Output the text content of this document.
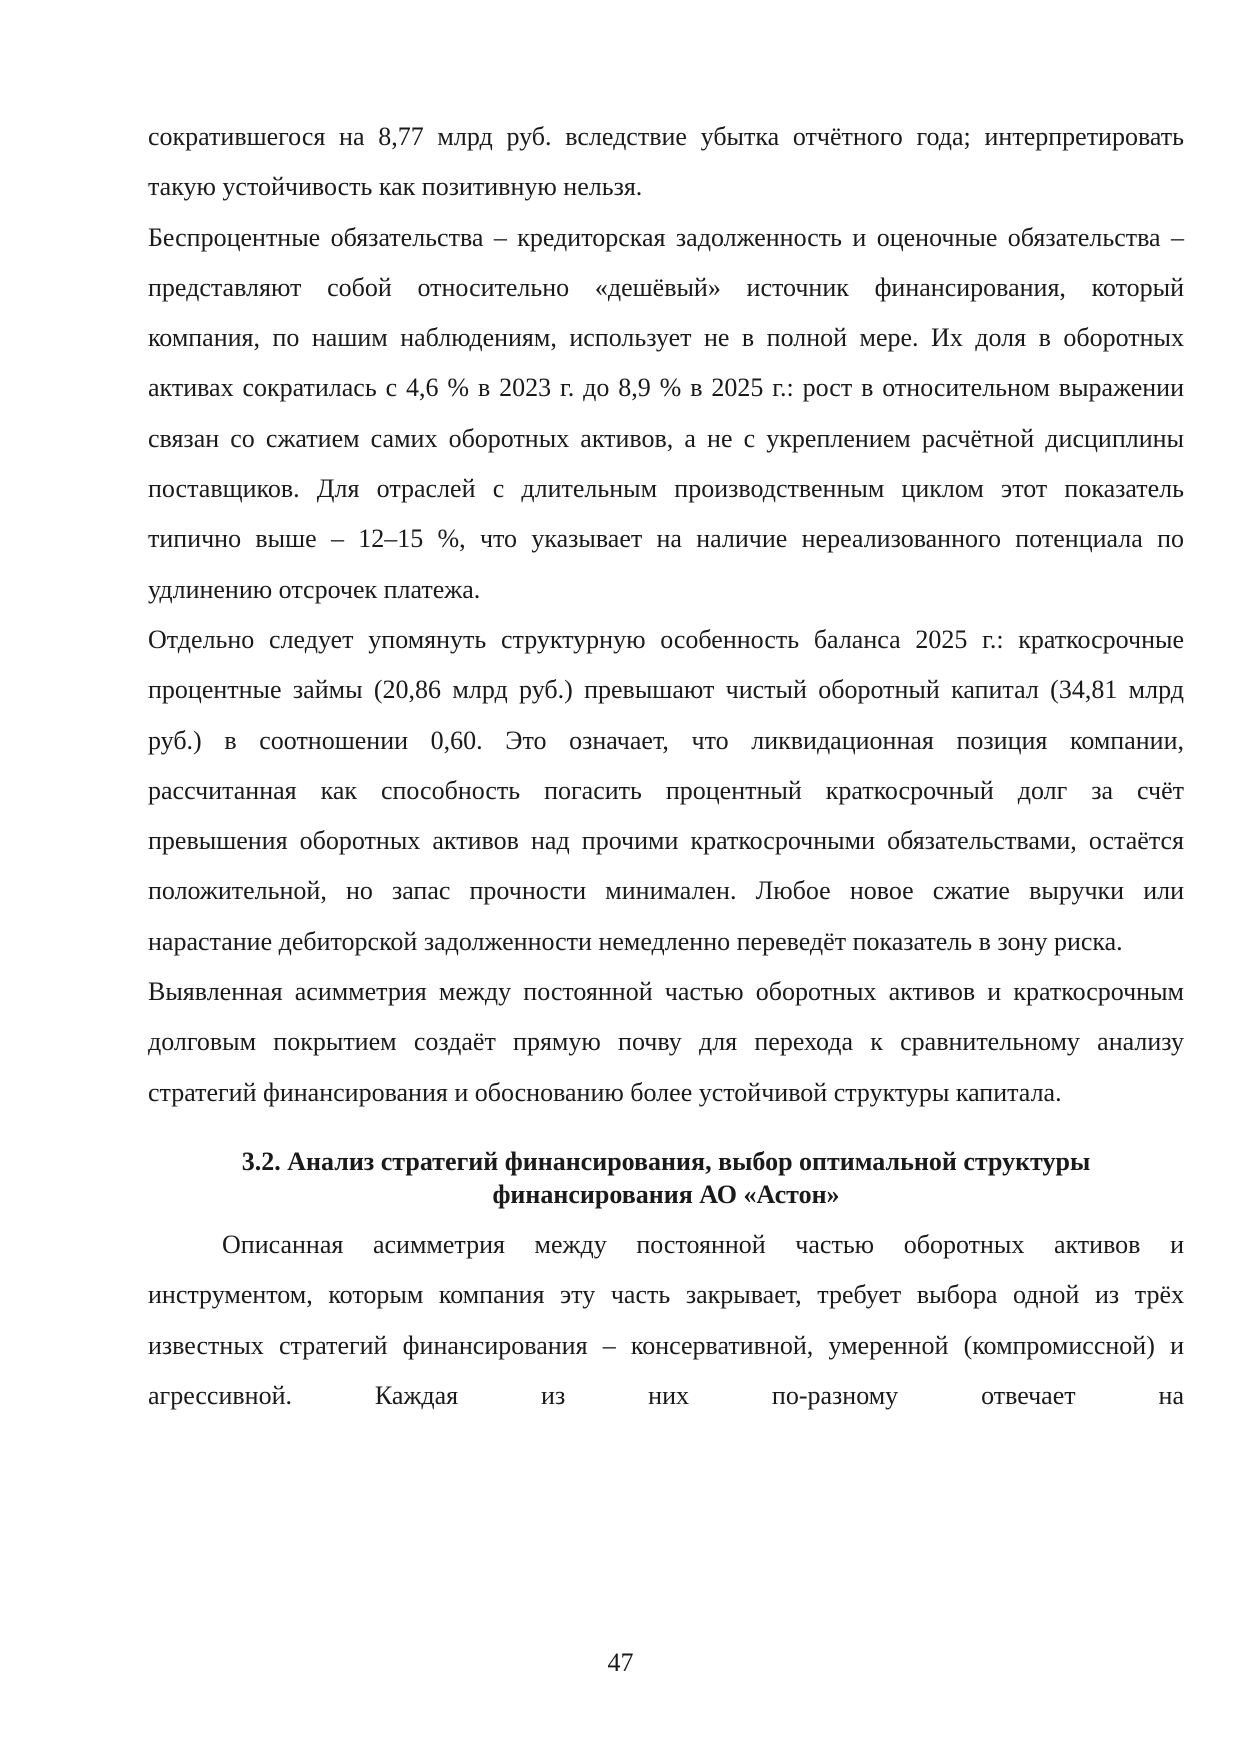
сократившегося на 8,77 млрд руб. вследствие убытка отчётного года; интерпретировать такую устойчивость как позитивную нельзя.

Беспроцентные обязательства – кредиторская задолженность и оценочные обязательства – представляют собой относительно «дешёвый» источник финансирования, который компания, по нашим наблюдениям, использует не в полной мере. Их доля в оборотных активах сократилась с 4,6 % в 2023 г. до 8,9 % в 2025 г.: рост в относительном выражении связан со сжатием самих оборотных активов, а не с укреплением расчётной дисциплины поставщиков. Для отраслей с длительным производственным циклом этот показатель типично выше – 12–15 %, что указывает на наличие нереализованного потенциала по удлинению отсрочек платежа.

Отдельно следует упомянуть структурную особенность баланса 2025 г.: краткосрочные процентные займы (20,86 млрд руб.) превышают чистый оборотный капитал (34,81 млрд руб.) в соотношении 0,60. Это означает, что ликвидационная позиция компании, рассчитанная как способность погасить процентный краткосрочный долг за счёт превышения оборотных активов над прочими краткосрочными обязательствами, остаётся положительной, но запас прочности минимален. Любое новое сжатие выручки или нарастание дебиторской задолженности немедленно переведёт показатель в зону риска.

Выявленная асимметрия между постоянной частью оборотных активов и краткосрочным долговым покрытием создаёт прямую почву для перехода к сравнительному анализу стратегий финансирования и обоснованию более устойчивой структуры капитала.

3.2. Анализ стратегий финансирования, выбор оптимальной структуры
финансирования АО «Астон»

Описанная асимметрия между постоянной частью оборотных активов и инструментом, которым компания эту часть закрывает, требует выбора одной из трёх известных стратегий финансирования – консервативной, умеренной (компромиссной) и агрессивной. Каждая из них по-разному отвечает на

47
